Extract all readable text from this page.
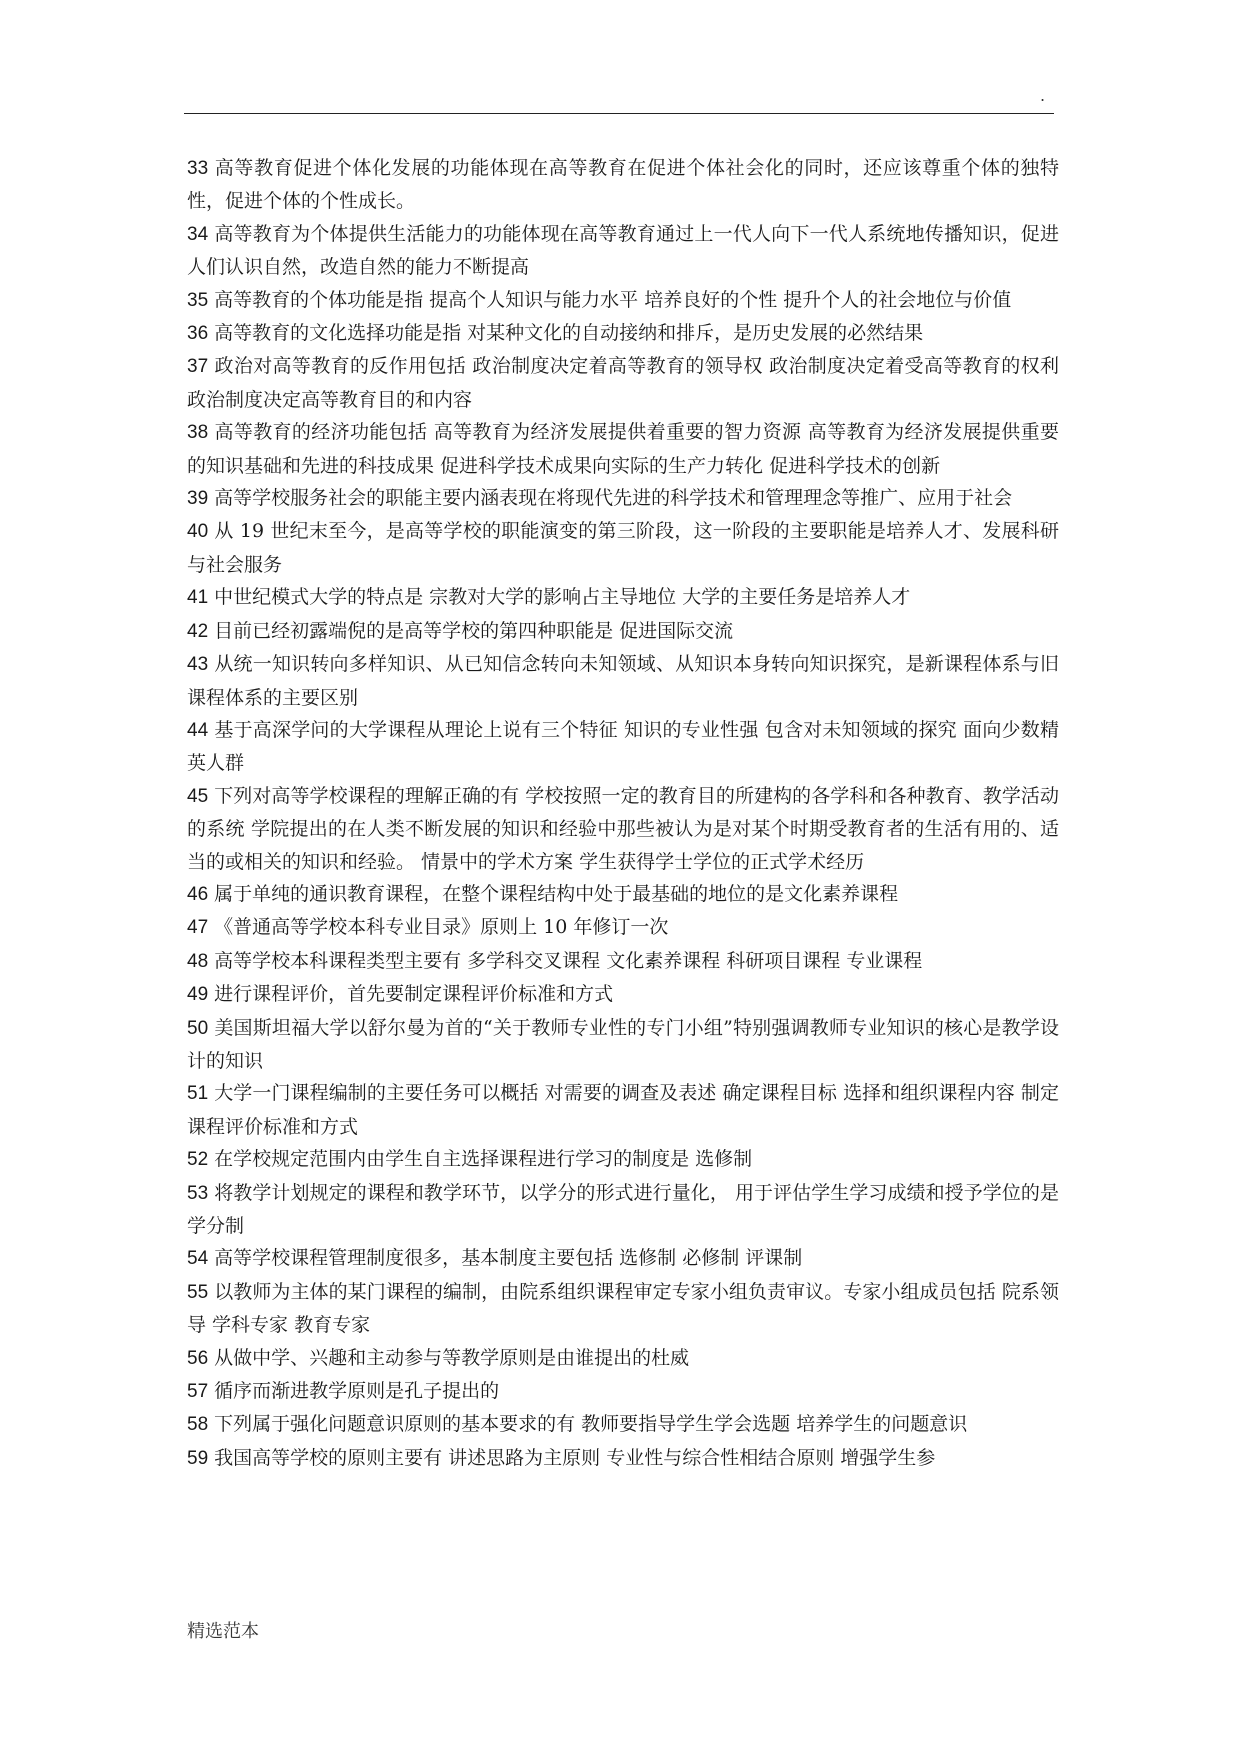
.

33 高等教育促进个体化发展的功能体现在高等教育在促进个体社会化的同时，还应该尊重个体的独特性，促进个体的个性成长。

34 高等教育为个体提供生活能力的功能体现在高等教育通过上一代人向下一代人系统地传播知识，促进人们认识自然，改造自然的能力不断提高

35 高等教育的个体功能是指 提高个人知识与能力水平 培养良好的个性 提升个人的社会地位与价值

36 高等教育的文化选择功能是指 对某种文化的自动接纳和排斥，是历史发展的必然结果

37 政治对高等教育的反作用包括 政治制度决定着高等教育的领导权 政治制度决定着受高等教育的权利 政治制度决定高等教育目的和内容

38 高等教育的经济功能包括 高等教育为经济发展提供着重要的智力资源 高等教育为经济发展提供重要的知识基础和先进的科技成果 促进科学技术成果向实际的生产力转化 促进科学技术的创新

39 高等学校服务社会的职能主要内涵表现在将现代先进的科学技术和管理理念等推广、应用于社会

40 从 19 世纪末至今，是高等学校的职能演变的第三阶段，这一阶段的主要职能是培养人才、发展科研与社会服务

41 中世纪模式大学的特点是 宗教对大学的影响占主导地位 大学的主要任务是培养人才

42 目前已经初露端倪的是高等学校的第四种职能是 促进国际交流

43 从统一知识转向多样知识、从已知信念转向未知领域、从知识本身转向知识探究，是新课程体系与旧课程体系的主要区别

44 基于高深学问的大学课程从理论上说有三个特征 知识的专业性强 包含对未知领域的探究 面向少数精英人群

45 下列对高等学校课程的理解正确的有 学校按照一定的教育目的所建构的各学科和各种教育、教学活动的系统 学院提出的在人类不断发展的知识和经验中那些被认为是对某个时期受教育者的生活有用的、适当的或相关的知识和经验。 情景中的学术方案 学生获得学士学位的正式学术经历

46 属于单纯的通识教育课程，在整个课程结构中处于最基础的地位的是文化素养课程

47 《普通高等学校本科专业目录》原则上 10 年修订一次

48 高等学校本科课程类型主要有 多学科交叉课程 文化素养课程 科研项目课程 专业课程

49 进行课程评价，首先要制定课程评价标准和方式

50 美国斯坦福大学以舒尔曼为首的“关于教师专业性的专门小组”特别强调教师专业知识的核心是教学设计的知识

51 大学一门课程编制的主要任务可以概括 对需要的调查及表述 确定课程目标 选择和组织课程内容 制定课程评价标准和方式

52 在学校规定范围内由学生自主选择课程进行学习的制度是 选修制

53 将教学计划规定的课程和教学环节，以学分的形式进行量化， 用于评估学生学习成绩和授予学位的是学分制

54 高等学校课程管理制度很多，基本制度主要包括 选修制 必修制 评课制

55 以教师为主体的某门课程的编制，由院系组织课程审定专家小组负责审议。专家小组成员包括 院系领导 学科专家 教育专家

56 从做中学、兴趣和主动参与等教学原则是由谁提出的杜威

57 循序而渐进教学原则是孔子提出的

58 下列属于强化问题意识原则的基本要求的有 教师要指导学生学会选题 培养学生的问题意识

59 我国高等学校的原则主要有 讲述思路为主原则 专业性与综合性相结合原则 增强学生参

精选范本
